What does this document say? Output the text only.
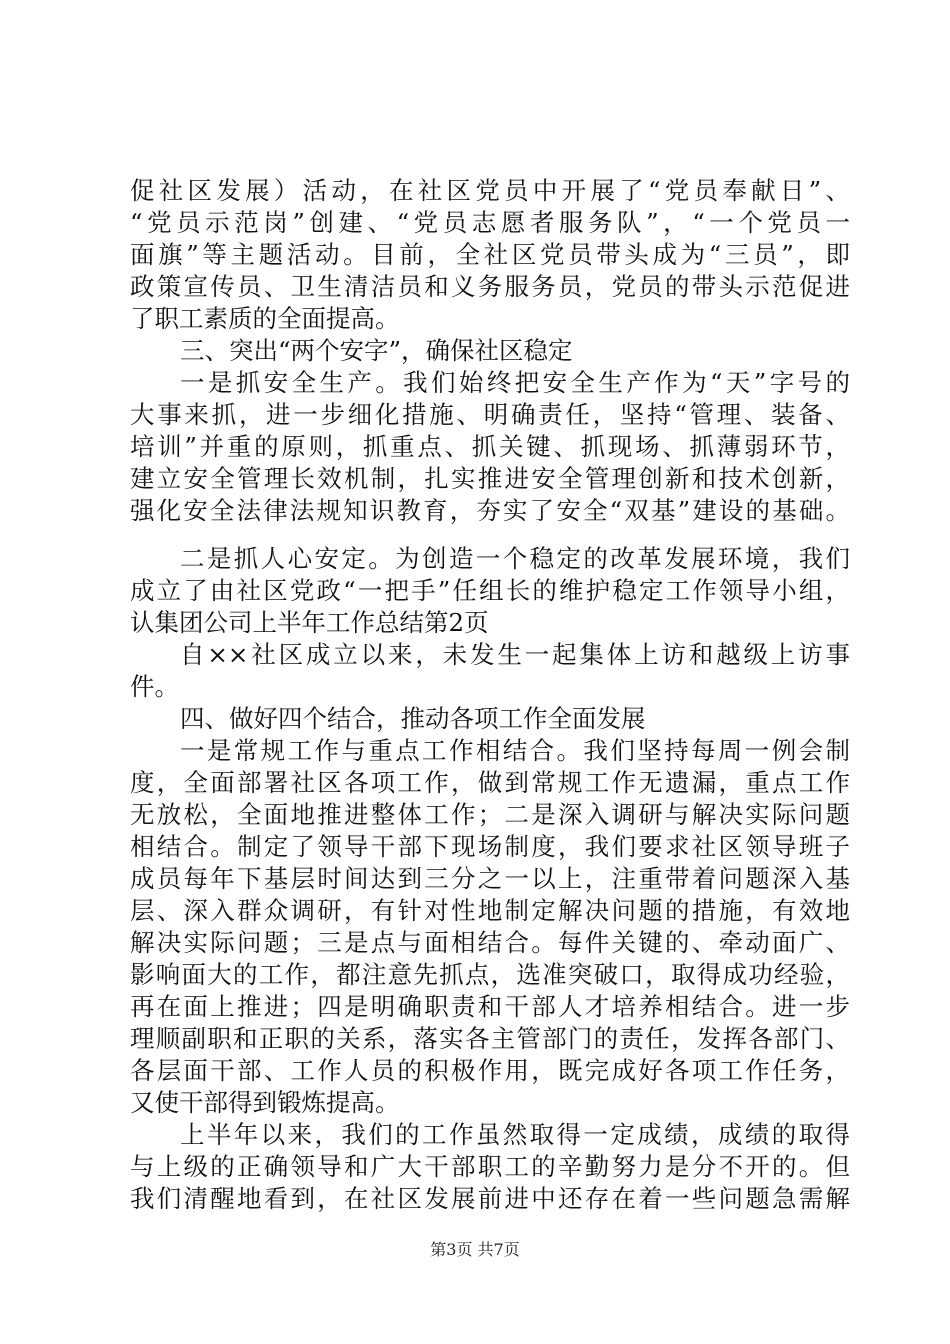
促社区发展）活动，在社区党员中开展了“党员奉献日”、
“党员示范岗”创建、“党员志愿者服务队”，“一个党员一
面旗”等主题活动。目前，全社区党员带头成为“三员”，即
政策宣传员、卫生清洁员和义务服务员，党员的带头示范促进
了职工素质的全面提高。
三、突出“两个安字”，确保社区稳定
一是抓安全生产。我们始终把安全生产作为“天”字号的
大事来抓，进一步细化措施、明确责任，坚持“管理、装备、
培训”并重的原则，抓重点、抓关键、抓现场、抓薄弱环节，
建立安全管理长效机制，扎实推进安全管理创新和技术创新，
强化安全法律法规知识教育，夯实了安全“双基”建设的基础。
二是抓人心安定。为创造一个稳定的改革发展环境，我们
成立了由社区党政“一把手”任组长的维护稳定工作领导小组，
认集团公司上半年工作总结第2页
自××社区成立以来，未发生一起集体上访和越级上访事
件。
四、做好四个结合，推动各项工作全面发展
一是常规工作与重点工作相结合。我们坚持每周一例会制
度，全面部署社区各项工作，做到常规工作无遗漏，重点工作
无放松，全面地推进整体工作；二是深入调研与解决实际问题
相结合。制定了领导干部下现场制度，我们要求社区领导班子
成员每年下基层时间达到三分之一以上，注重带着问题深入基
层、深入群众调研，有针对性地制定解决问题的措施，有效地
解决实际问题；三是点与面相结合。每件关键的、牵动面广、
影响面大的工作，都注意先抓点，选准突破口，取得成功经验，
再在面上推进；四是明确职责和干部人才培养相结合。进一步
理顺副职和正职的关系，落实各主管部门的责任，发挥各部门、
各层面干部、工作人员的积极作用，既完成好各项工作任务，
又使干部得到锻炼提高。
上半年以来，我们的工作虽然取得一定成绩，成绩的取得
与上级的正确领导和广大干部职工的辛勤努力是分不开的。但
我们清醒地看到，在社区发展前进中还存在着一些问题急需解
第3页 共7页
